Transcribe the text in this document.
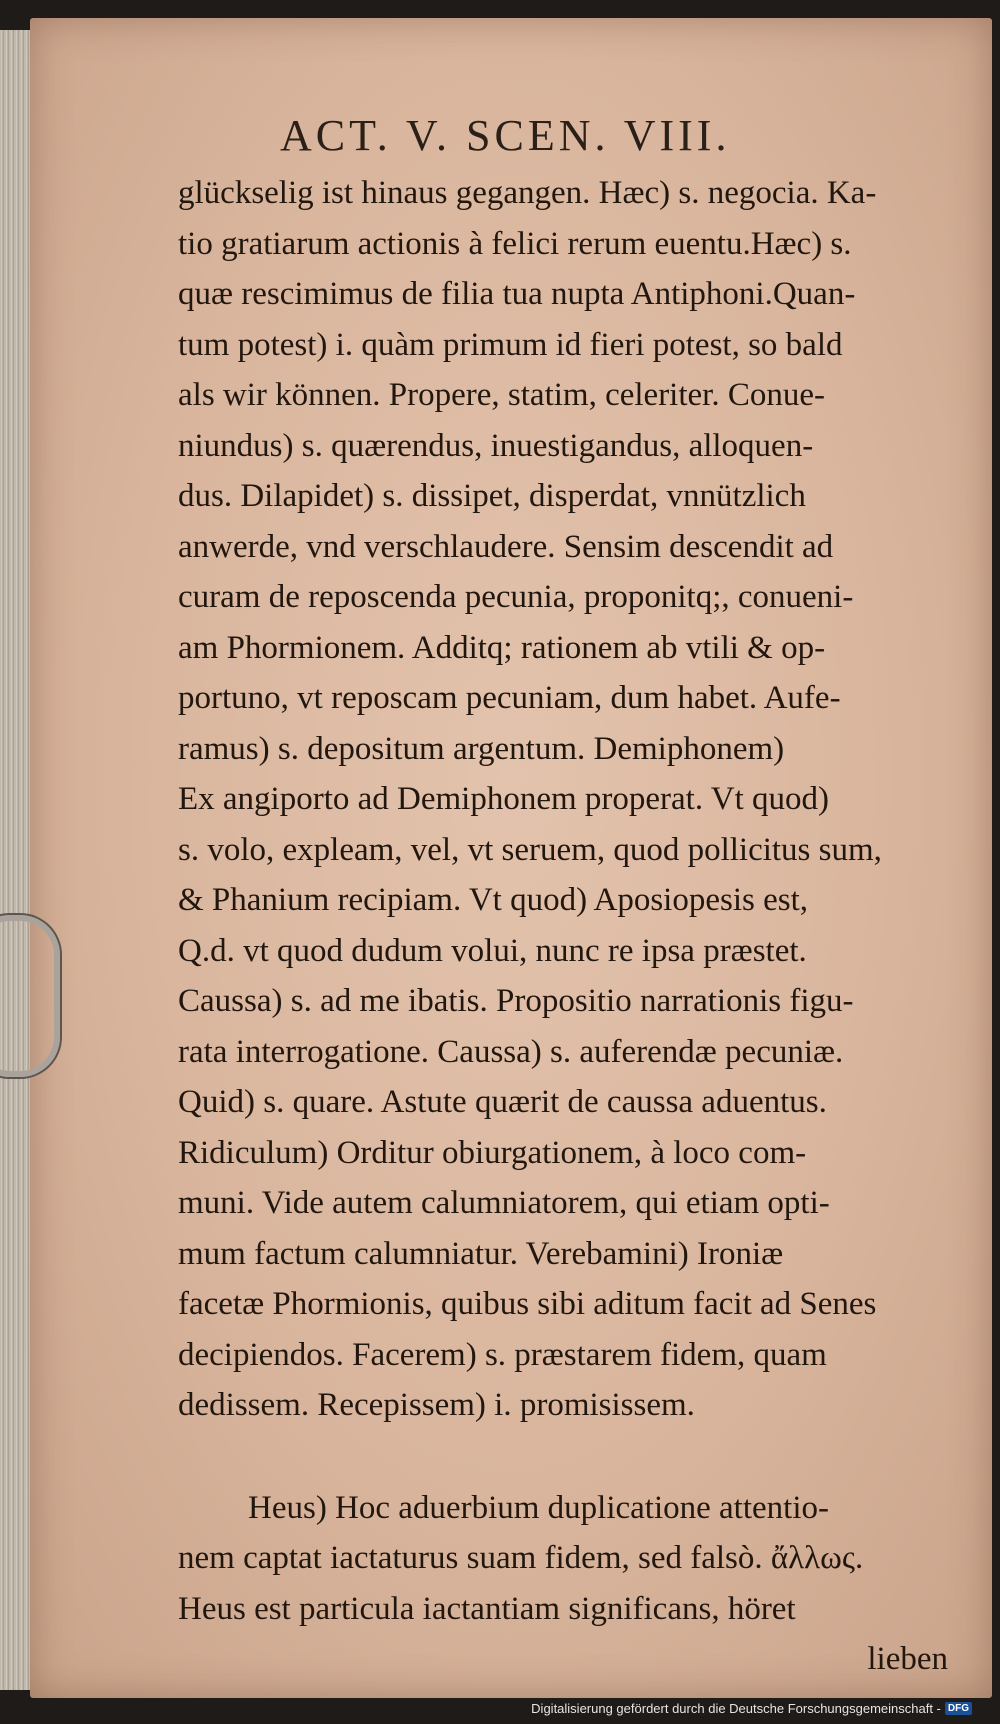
ACT. V. SCEN. VIII.
glückselig ist hinaus gegangen. Hæc) s. negocia. Ka-
tio gratiarum actionis à felici rerum euentu.Hæc) s.
quæ rescimimus de filia tua nupta Antiphoni.Quan-
tum potest) i. quàm primum id fieri potest, so bald
als wir können. Propere, statim, celeriter. Conue-
niundus) s. quærendus, inuestigandus, alloquen-
dus. Dilapidet) s. dissipet, disperdat, vnnützlich
anwerde, vnd verschlaudere. Sensim descendit ad
curam de reposcenda pecunia, proponitq;, conueni-
am Phormionem. Additq; rationem ab vtili & op-
portuno, vt reposcam pecuniam, dum habet. Aufe-
ramus) s. depositum argentum. Demiphonem)
Ex angiporto ad Demiphonem properat. Vt quod)
s. volo, expleam, vel, vt seruem, quod pollicitus sum,
& Phanium recipiam. Vt quod) Aposiopesis est,
Q.d. vt quod dudum volui, nunc re ipsa præstet.
Caussa) s. ad me ibatis. Propositio narrationis figu-
rata interrogatione. Caussa) s. auferendæ pecuniæ.
Quid) s. quare. Astute quærit de caussa aduentus.
Ridiculum) Orditur obiurgationem, à loco com-
muni. Vide autem calumniatorem, qui etiam opti-
mum factum calumniatur. Verebamini) Ironiæ
facetæ Phormionis, quibus sibi aditum facit ad Senes
decipiendos. Facerem) s. præstarem fidem, quam
dedissem. Recepissem) i. promisissem.
Heus) Hoc aduerbium duplicatione attentio-
nem captat iactaturus suam fidem, sed falsò. ἄλλως.
Heus est particula iactantiam significans, höret
lieben
Digitalisierung gefördert durch die Deutsche Forschungsgemeinschaft - DFG
